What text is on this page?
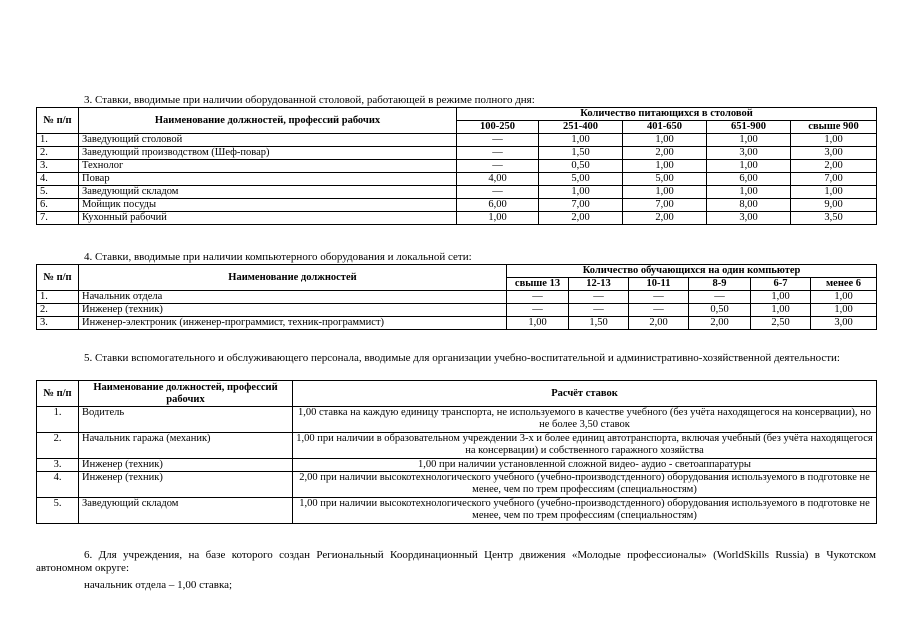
3. Ставки, вводимые при наличии оборудованной столовой, работающей в режиме полного дня:
№ п/п	Наименование должностей, профессий рабочих	Количество питающихся в столовой				
		100-250	251-400	401-650	651-900	свыше 900
1.	Заведующий столовой	—	1,00	1,00	1,00	1,00
2.	Заведующий производством (Шеф-повар)	—	1,50	2,00	3,00	3,00
3.	Технолог	—	0,50	1,00	1,00	2,00
4.	Повар	4,00	5,00	5,00	6,00	7,00
5.	Заведующий складом	—	1,00	1,00	1,00	1,00
6.	Мойщик посуды	6,00	7,00	7,00	8,00	9,00
7.	Кухонный рабочий	1,00	2,00	2,00	3,00	3,50
4. Ставки, вводимые при наличии компьютерного оборудования и локальной сети:
№ п/п	Наименование должностей	Количество обучающихся на один компьютер					
		свыше 13	12-13	10-11	8-9	6-7	менее 6
1.	Начальник отдела	—	—	—	—	1,00	1,00
2.	Инженер (техник)	—	—	—	0,50	1,00	1,00
3.	Инженер-электроник (инженер-программист, техник-программист)	1,00	1,50	2,00	2,00	2,50	3,00
5. Ставки вспомогательного и обслуживающего персонала, вводимые для организации учебно-воспитательной и административно-хозяйственной деятельности:
№ п/п	Наименование должностей, профессий рабочих	Расчёт ставок
1.	Водитель	1,00 ставка на каждую единицу транспорта, не используемого в качестве учебного (без учёта находящегося на консервации), но не более 3,50 ставок
2.	Начальник гаража (механик)	1,00 при наличии в образовательном учреждении 3-х и более единиц автотранспорта, включая учебный (без учёта находящегося на консервации) и собственного гаражного хозяйства
3.	Инженер (техник)	1,00 при наличии установленной сложной видео- аудио - светоаппаратуры
4.	Инженер (техник)	2,00 при наличии высокотехнологического учебного (учебно-производстденного) оборудования используемого в подготовке не менее, чем по трем профессиям (специальностям)
5.	Заведующий складом	1,00 при наличии высокотехнологического учебного (учебно-производстденного) оборудования используемого в подготовке не менее, чем по трем профессиям (специальностям)
6. Для учреждения, на базе которого создан Региональный Координационный Центр движения «Молодые профессионалы» (WorldSkills Russia) в Чукотском автономном округе:
начальник отдела – 1,00 ставка;
